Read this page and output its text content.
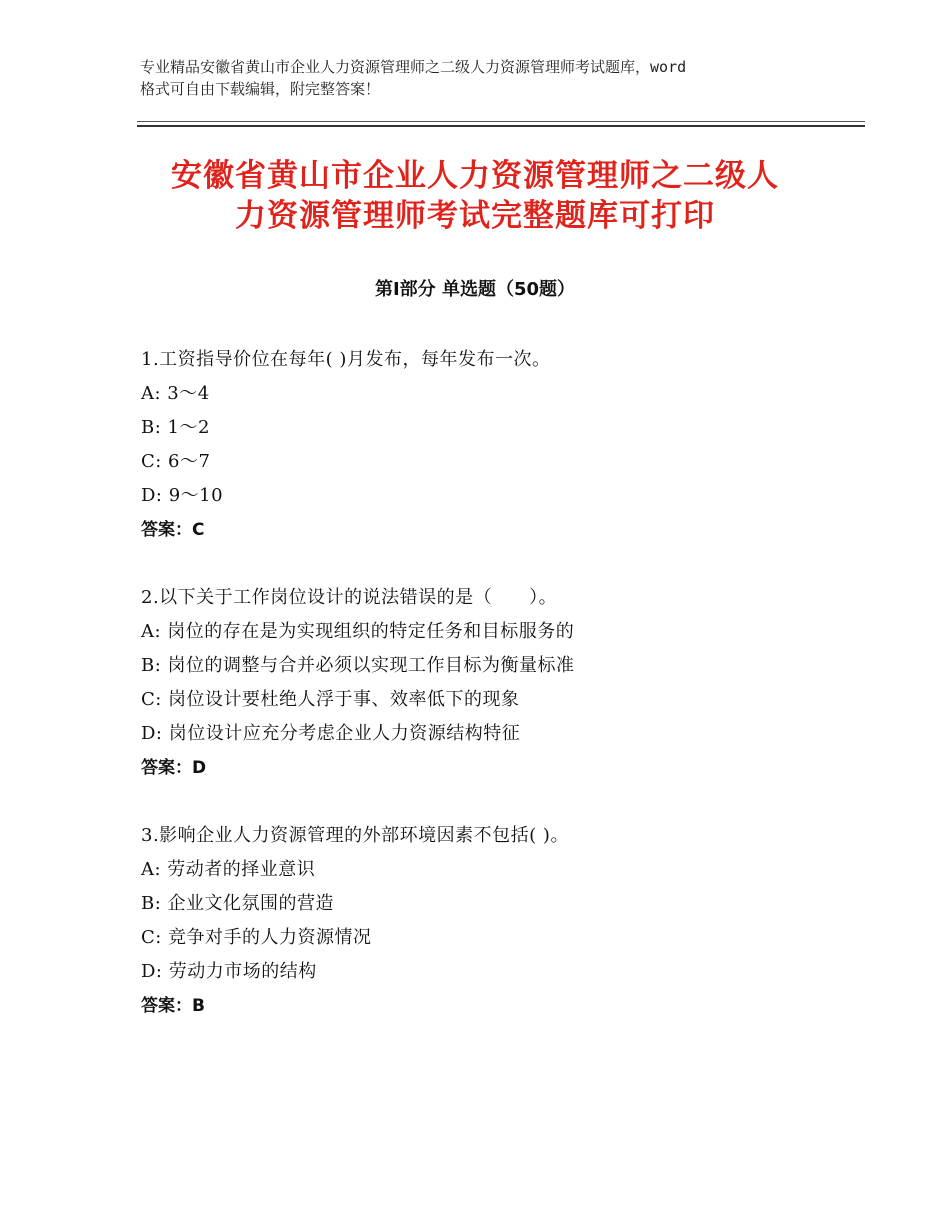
专业精品安徽省黄山市企业人力资源管理师之二级人力资源管理师考试题库，word
格式可自由下载编辑，附完整答案！
安徽省黄山市企业人力资源管理师之二级人
力资源管理师考试完整题库可打印
第Ⅰ部分 单选题（50题）
1.工资指导价位在每年( )月发布，每年发布一次。
A: 3～4
B: 1～2
C: 6～7
D: 9～10
答案：C
2.以下关于工作岗位设计的说法错误的是（　　）。
A: 岗位的存在是为实现组织的特定任务和目标服务的
B: 岗位的调整与合并必须以实现工作目标为衡量标准
C: 岗位设计要杜绝人浮于事、效率低下的现象
D: 岗位设计应充分考虑企业人力资源结构特征
答案：D
3.影响企业人力资源管理的外部环境因素不包括( )。
A: 劳动者的择业意识
B: 企业文化氛围的营造
C: 竞争对手的人力资源情况
D: 劳动力市场的结构
答案：B
